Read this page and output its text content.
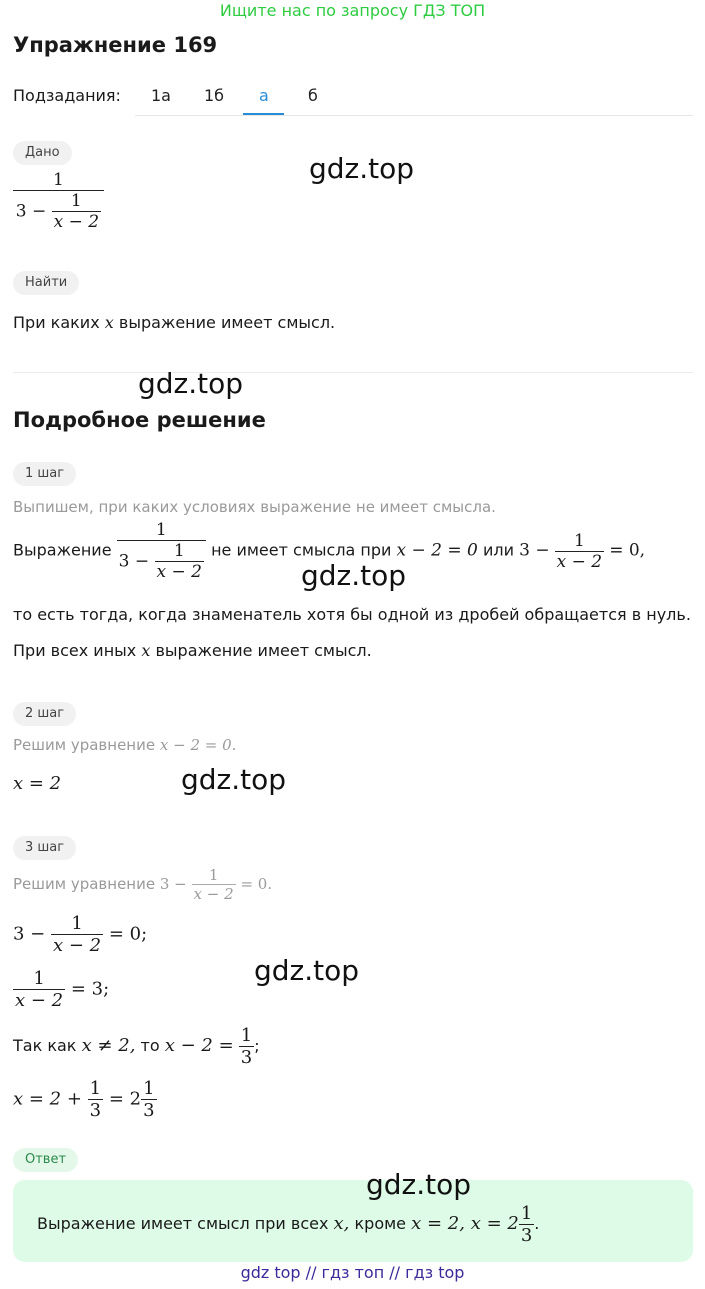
Ищите нас по запросу ГДЗ ТОП
Упражнение 169
Подзадания: 1а 1б а б
Дано
$\frac{1}{3 - \frac{1}{x - 2}}$
gdz.top
Найти
При каких x выражение имеет смысл.
gdz.top
Подробное решение
1 шаг
Выпишем, при каких условиях выражение не имеет смысла.
Выражение $\frac{1}{3 - \frac{1}{x - 2}}$ не имеет смысла при x − 2 = 0 или $3 - \frac{1}{x - 2} = 0$,
gdz.top
то есть тогда, когда знаменатель хотя бы одной из дробей обращается в нуль.
При всех иных x выражение имеет смысл.
2 шаг
Решим уравнение x − 2 = 0.
x = 2	gdz.top
3 шаг
Решим уравнение $3 - \frac{1}{x - 2} = 0$.
$3 - \frac{1}{x - 2} = 0$;
gdz.top
$\frac{1}{x - 2} = 3$;
Так как x ≠ 2, то $x - 2 = \frac{1}{3}$ ;
$x = 2 + \frac{1}{3} = 2 \frac{1}{3}$
Ответ
gdz.top
Выражение имеет смысл при всех x, кроме x = 2, $x = 2 \frac{1}{3}$ .
gdz top // гдз топ // гдз top
